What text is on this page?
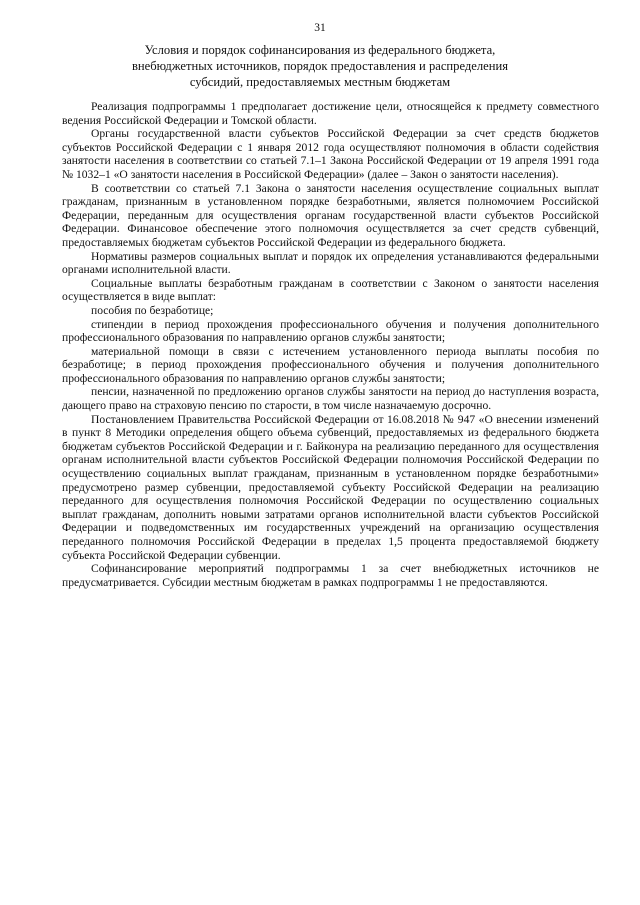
31
Условия и порядок софинансирования из федерального бюджета,
внебюджетных источников, порядок предоставления и распределения
субсидий, предоставляемых местным бюджетам

Реализация подпрограммы 1 предполагает достижение цели, относящейся к предмету совместного ведения Российской Федерации и Томской области.

Органы государственной власти субъектов Российской Федерации за счет средств бюджетов субъектов Российской Федерации с 1 января 2012 года осуществляют полномочия в области содействия занятости населения в соответствии со статьей 7.1–1 Закона Российской Федерации от 19 апреля 1991 года № 1032–1 «О занятости населения в Российской Федерации» (далее – Закон о занятости населения).

В соответствии со статьей 7.1 Закона о занятости населения осуществление социальных выплат гражданам, признанным в установленном порядке безработными, является полномочием Российской Федерации, переданным для осуществления органам государственной власти субъектов Российской Федерации. Финансовое обеспечение этого полномочия осуществляется за счет средств субвенций, предоставляемых бюджетам субъектов Российской Федерации из федерального бюджета.

Нормативы размеров социальных выплат и порядок их определения устанавливаются федеральными органами исполнительной власти.

Социальные выплаты безработным гражданам в соответствии с Законом о занятости населения осуществляется в виде выплат:

пособия по безработице;

стипендии в период прохождения профессионального обучения и получения дополнительного профессионального образования по направлению органов службы занятости;

материальной помощи в связи с истечением установленного периода выплаты пособия по безработице; в период прохождения профессионального обучения и получения дополнительного профессионального образования по направлению органов службы занятости;

пенсии, назначенной по предложению органов службы занятости на период до наступления возраста, дающего право на страховую пенсию по старости, в том числе назначаемую досрочно.

Постановлением Правительства Российской Федерации от 16.08.2018 № 947 «О внесении изменений в пункт 8 Методики определения общего объема субвенций, предоставляемых из федерального бюджета бюджетам субъектов Российской Федерации и г. Байконура на реализацию переданного для осуществления органам исполнительной власти субъектов Российской Федерации полномочия Российской Федерации по осуществлению социальных выплат гражданам, признанным в установленном порядке безработными» предусмотрено размер субвенции, предоставляемой субъекту Российской Федерации на реализацию переданного для осуществления полномочия Российской Федерации по осуществлению социальных выплат гражданам, дополнить новыми затратами органов исполнительной власти субъектов Российской Федерации и подведомственных им государственных учреждений на организацию осуществления переданного полномочия Российской Федерации в пределах 1,5 процента предоставляемой бюджету субъекта Российской Федерации субвенции.

Софинансирование мероприятий подпрограммы 1 за счет внебюджетных источников не предусматривается. Субсидии местным бюджетам в рамках подпрограммы 1 не предоставляются.
